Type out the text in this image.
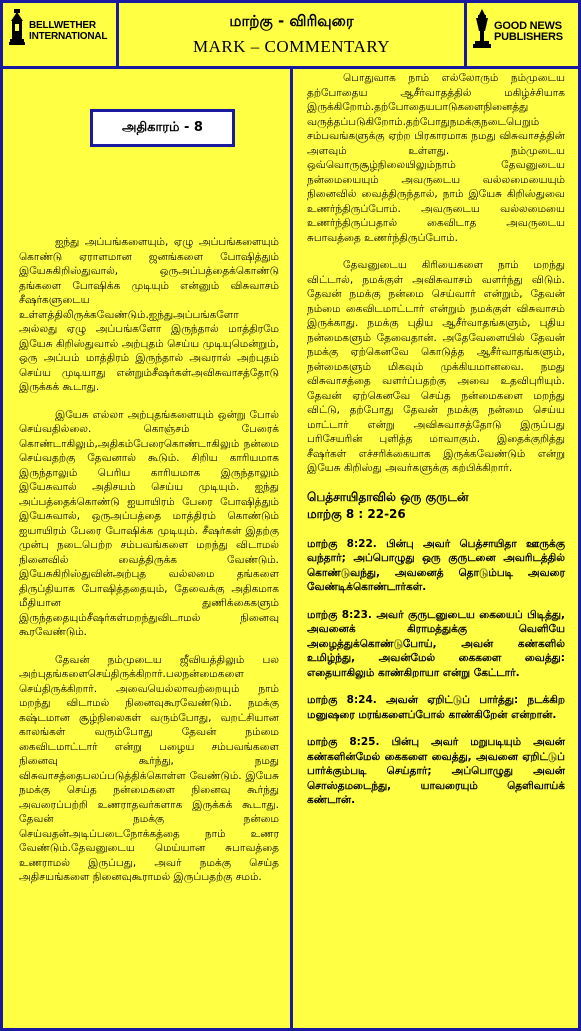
BELLWETHER
INTERNATIONAL
மாற்கு - விரிவுரை
MARK – COMMENTARY
GOOD NEWS
PUBLISHERS
அதிகாரம் - 8

ஐந்து அப்பங்களையும், ஏழு அப்பங்களையும் கொண்டு ஏராளமான ஜனங்களை போஷித்தும் இயேசுகிறிஸ்துவால், ஒருஅப்பத்தைக்கொண்டு தங்களை போஷிக்க முடியும் என்னும் விசுவாசம் சீஷர்களுடைய உள்ளத்திலிருக்கவேண்டும்.ஐந்துஅப்பங்களோ அல்லது ஏழு அப்பங்களோ இருந்தால் மாத்திரமே இயேசு கிறிஸ்துவால் அற்புதம் செய்ய முடியுமென்றும், ஒரு அப்பம் மாத்திரம் இருந்தால் அவரால் அற்புதம் செய்ய முடியாது என்றும்சீஷர்கள்அவிசுவாசத்தோடு இருக்கக் கூடாது.

இயேசு எல்லா அற்புதங்களையும் ஒன்று போல் செய்வதில்லை. கொஞ்சம் பேரைக் கொண்டாகிலும்,அதிகம்பேரைகொண்டாகிலும் நன்மை செய்வதற்கு தேவனால் கூடும். சிறிய காரியமாக இருந்தாலும் பெரிய காரியமாக இருந்தாலும் இயேசுவால் அதிசயம் செய்ய முடியும். ஐந்து அப்பத்தைக்கொண்டு ஐயாயிரம் பேரை போஷித்தும் இயேசுவால், ஒருஅப்பத்தை மாத்திரம் கொண்டும் ஐயாயிரம் பேரை போஷிக்க முடியும். சீஷர்கள் இதற்கு முன்பு நடைபெற்ற சம்பவங்களை மறந்து விடாமல் நினைவில் வைத்திருக்க வேண்டும். இயேசுகிறிஸ்துவின்அற்புத வல்லமை தங்களை திருப்தியாக போஷித்ததையும், தேவைக்கு அதிகமாக மீதியான துணிக்கைகளும் இருந்ததையும்சீஷர்கள்மறந்துவிடாமல் நினைவு கூரவேண்டும்.

தேவன் நம்முடைய ஜீவியத்திலும் பல அற்புதங்களைசெய்திருக்கிறார்.பலநன்மைகளை செய்திருக்கிறார். அவையெல்லாவற்றையும் நாம் மறந்து விடாமல் நினைவுகூரவேண்டும். நமக்கு கஷ்டமான சூழ்நிலைகள் வரும்போது, வறட்சியான காலங்கள் வரும்போது தேவன் நம்மை கைவிடமாட்டார் என்று பழைய சம்பவங்களை நினைவு கூர்ந்து, நமது விசுவாசத்தைபலப்படுத்திக்கொள்ள வேண்டும். இயேசு நமக்கு செய்த நன்மைகளை நினைவு கூர்ந்து அவரைப்பற்றி உணராதவர்களாக இருக்கக் கூடாது. தேவன் நமக்கு நன்மை செய்வதன்அடிப்படைநோக்கத்தை நாம் உணர வேண்டும்.தேவனுடைய மெய்யான சுபாவத்தை உணராமல் இருப்பது, அவர் நமக்கு செய்த அதிசயங்களை நினைவுகூராமல் இருப்பதற்கு சமம்.

பொதுவாக நாம் எல்லோரும் நம்முடைய தற்போதைய ஆசீர்வாதத்தில் மகிழ்ச்சியாக இருக்கிறோம்.தற்போதையபாடுகளைநினைத்து வருத்தப்படுகிறோம்.தற்போதுநமக்குநடைபெறும் சம்பவங்களுக்கு ஏற்ற பிரகாரமாக நமது விசுவாசத்தின் அளவும் உள்ளது. நம்முடைய ஒவ்வொருசூழ்நிலையிலும்நாம் தேவனுடைய நன்மையையும் அவருடைய வல்லமையையும் நினைவில் வைத்திருந்தால், நாம் இயேசு கிறிஸ்துவை உணர்ந்திருப்போம். அவருடைய வல்லமையை உணர்ந்திருப்பதால் கைவிடாத அவருடைய சுபாவத்தை உணர்ந்திருப்போம்.

தேவனுடைய கிரியைகளை நாம் மறந்து விட்டால், நமக்குள் அவிசுவாசம் வளர்ந்து விடும். தேவன் நமக்கு நன்மை செய்வார் என்றும், தேவன் நம்மை கைவிடமாட்டார் என்றும் நமக்குள் விசுவாசம் இருக்காது. நமக்கு புதிய ஆசீர்வாதங்களும், புதிய நன்மைகளும் தேவைதான். அதேவேளையில் தேவன் நமக்கு ஏற்கெனவே கொடுத்த ஆசீர்வாதங்களும், நன்மைகளும் மிகவும் முக்கியமானவை. நமது விசுவாசத்தை வளர்ப்பதற்கு அவை உதவிபுரியும். தேவன் ஏற்கெனவே செய்த நன்மைகளை மறந்து விட்டு, தற்போது தேவன் நமக்கு நன்மை செய்ய மாட்டார் என்று அவிசுவாசத்தோடு இருப்பது பரிசேயரின் புளித்த மாவாகும். இதைக்குறித்து சீஷர்கள் எச்சரிக்கையாக இருக்கவேண்டும் என்று இயேசு கிறிஸ்து அவர்களுக்கு கற்பிக்கிறார்.

பெத்சாயிதாவில் ஒரு குருடன்
மாற்கு 8 : 22-26

மாற்கு 8:22. பின்பு அவர் பெத்சாயிதா ஊருக்கு வந்தார்; அப்பொழுது ஒரு குருடனை அவரிடத்தில் கொண்டுவந்து, அவனைத் தொடும்படி அவரை வேண்டிக்கொண்டார்கள்.

மாற்கு 8:23. அவர் குருடனுடைய கையைப் பிடித்து, அவனைக் கிராமத்துக்கு வெளியே அழைத்துக்கொண்டுபோய், அவன் கண்களில் உமிழ்ந்து, அவன்மேல் கைகளை வைத்து: எதையாகிலும் காண்கிறாயா என்று கேட்டார்.

மாற்கு 8:24. அவன் ஏறிட்டுப் பார்த்து: நடக்கிற மனுஷரை மரங்களைப்போல் காண்கிறேன் என்றான்.

மாற்கு 8:25. பின்பு அவர் மறுபடியும் அவன் கண்களின்மேல் கைகளை வைத்து, அவனை ஏறிட்டுப் பார்க்கும்படி செய்தார்; அப்பொழுது அவன் சொஸ்தமடைந்து, யாவரையும் தெளிவாய்க் கண்டான்.
